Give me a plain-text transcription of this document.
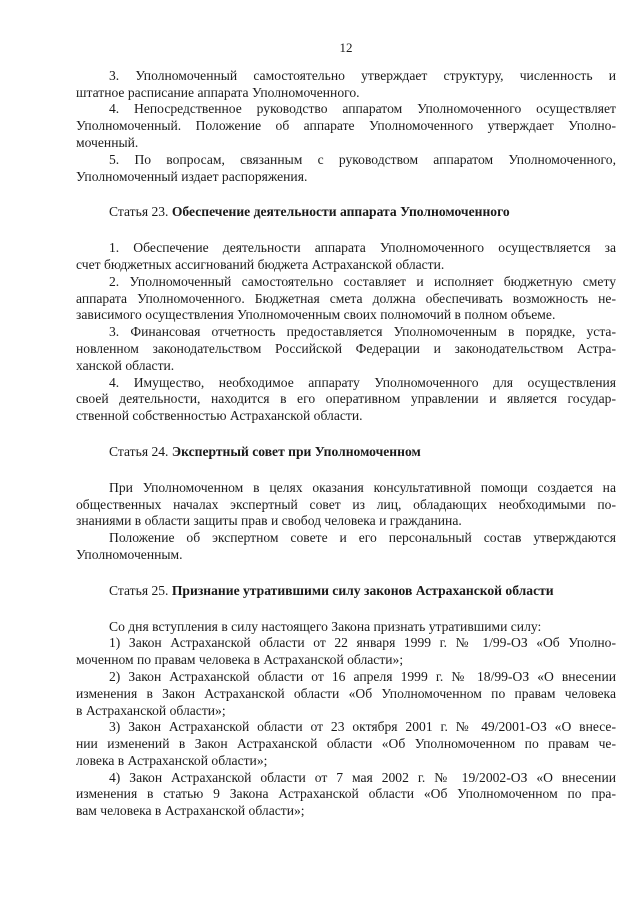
12
3. Уполномоченный самостоятельно утверждает структуру, численность и
штатное расписание аппарата Уполномоченного.
4. Непосредственное руководство аппаратом Уполномоченного осуществляет
Уполномоченный. Положение об аппарате Уполномоченного утверждает Уполно-
моченный.
5. По вопросам, связанным с руководством аппаратом Уполномоченного,
Уполномоченный издает распоряжения.
Статья 23. Обеспечение деятельности аппарата Уполномоченного
1. Обеспечение деятельности аппарата Уполномоченного осуществляется за
счет бюджетных ассигнований бюджета Астраханской области.
2. Уполномоченный самостоятельно составляет и исполняет бюджетную смету
аппарата Уполномоченного. Бюджетная смета должна обеспечивать возможность не-
зависимого осуществления Уполномоченным своих полномочий в полном объеме.
3. Финансовая отчетность предоставляется Уполномоченным в порядке, уста-
новленном законодательством Российской Федерации и законодательством Астра-
ханской области.
4. Имущество, необходимое аппарату Уполномоченного для осуществления
своей деятельности, находится в его оперативном управлении и является государ-
ственной собственностью Астраханской области.
Статья 24. Экспертный совет при Уполномоченном
При Уполномоченном в целях оказания консультативной помощи создается на
общественных началах экспертный совет из лиц, обладающих необходимыми по-
знаниями в области защиты прав и свобод человека и гражданина.
Положение об экспертном совете и его персональный состав утверждаются
Уполномоченным.
Статья 25. Признание утратившими силу законов Астраханской области
Со дня вступления в силу настоящего Закона признать утратившими силу:
1) Закон Астраханской области от 22 января 1999 г. № 1/99-ОЗ «Об Уполно-
моченном по правам человека в Астраханской области»;
2) Закон Астраханской области от 16 апреля 1999 г. № 18/99-ОЗ «О внесении
изменения в Закон Астраханской области «Об Уполномоченном по правам человека
в Астраханской области»;
3) Закон Астраханской области от 23 октября 2001 г. № 49/2001-ОЗ «О внесе-
нии изменений в Закон Астраханской области «Об Уполномоченном по правам че-
ловека в Астраханской области»;
4) Закон Астраханской области от 7 мая 2002 г. № 19/2002-ОЗ «О внесении
изменения в статью 9 Закона Астраханской области «Об Уполномоченном по пра-
вам человека в Астраханской области»;
